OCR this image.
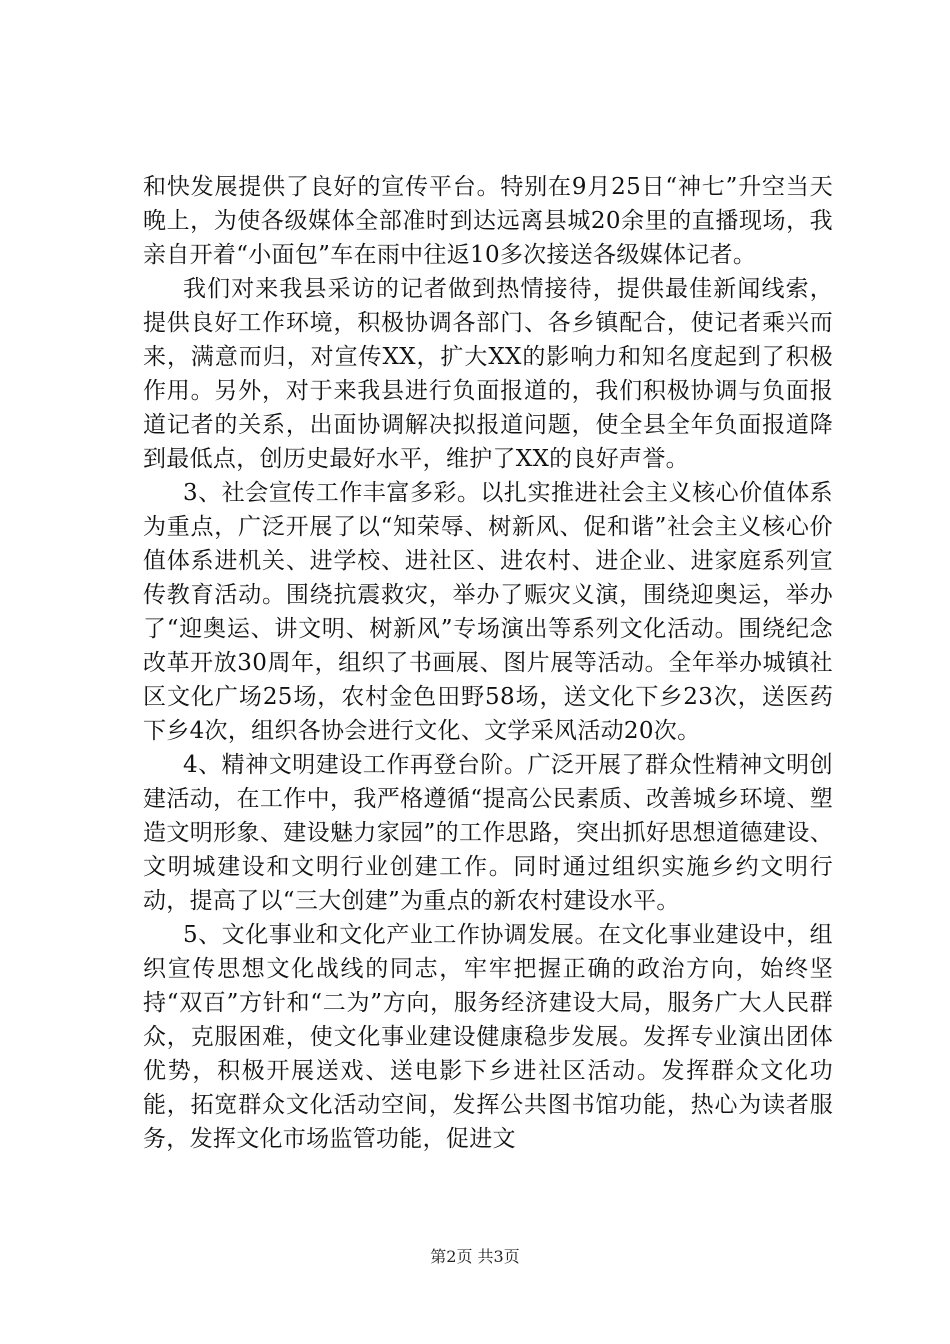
和快发展提供了良好的宣传平台。特别在9月25日“神七”升空当天晚上，为使各级媒体全部准时到达远离县城20余里的直播现场，我亲自开着“小面包”车在雨中往返10多次接送各级媒体记者。

我们对来我县采访的记者做到热情接待，提供最佳新闻线索，提供良好工作环境，积极协调各部门、各乡镇配合，使记者乘兴而来，满意而归，对宣传XX，扩大XX的影响力和知名度起到了积极作用。另外，对于来我县进行负面报道的，我们积极协调与负面报道记者的关系，出面协调解决拟报道问题，使全县全年负面报道降到最低点，创历史最好水平，维护了XX的良好声誉。

3、社会宣传工作丰富多彩。以扎实推进社会主义核心价值体系为重点，广泛开展了以“知荣辱、树新风、促和谐”社会主义核心价值体系进机关、进学校、进社区、进农村、进企业、进家庭系列宣传教育活动。围绕抗震救灾，举办了赈灾义演，围绕迎奥运，举办了“迎奥运、讲文明、树新风”专场演出等系列文化活动。围绕纪念改革开放30周年，组织了书画展、图片展等活动。全年举办城镇社区文化广场25场，农村金色田野58场，送文化下乡23次，送医药下乡4次，组织各协会进行文化、文学采风活动20次。

4、精神文明建设工作再登台阶。广泛开展了群众性精神文明创建活动，在工作中，我严格遵循“提高公民素质、改善城乡环境、塑造文明形象、建设魅力家园”的工作思路，突出抓好思想道德建设、文明城建设和文明行业创建工作。同时通过组织实施乡约文明行动，提高了以“三大创建”为重点的新农村建设水平。

5、文化事业和文化产业工作协调发展。在文化事业建设中，组织宣传思想文化战线的同志，牢牢把握正确的政治方向，始终坚持“双百”方针和“二为”方向，服务经济建设大局，服务广大人民群众，克服困难，使文化事业建设健康稳步发展。发挥专业演出团体优势，积极开展送戏、送电影下乡进社区活动。发挥群众文化功能，拓宽群众文化活动空间，发挥公共图书馆功能，热心为读者服务，发挥文化市场监管功能，促进文

第2页 共3页
